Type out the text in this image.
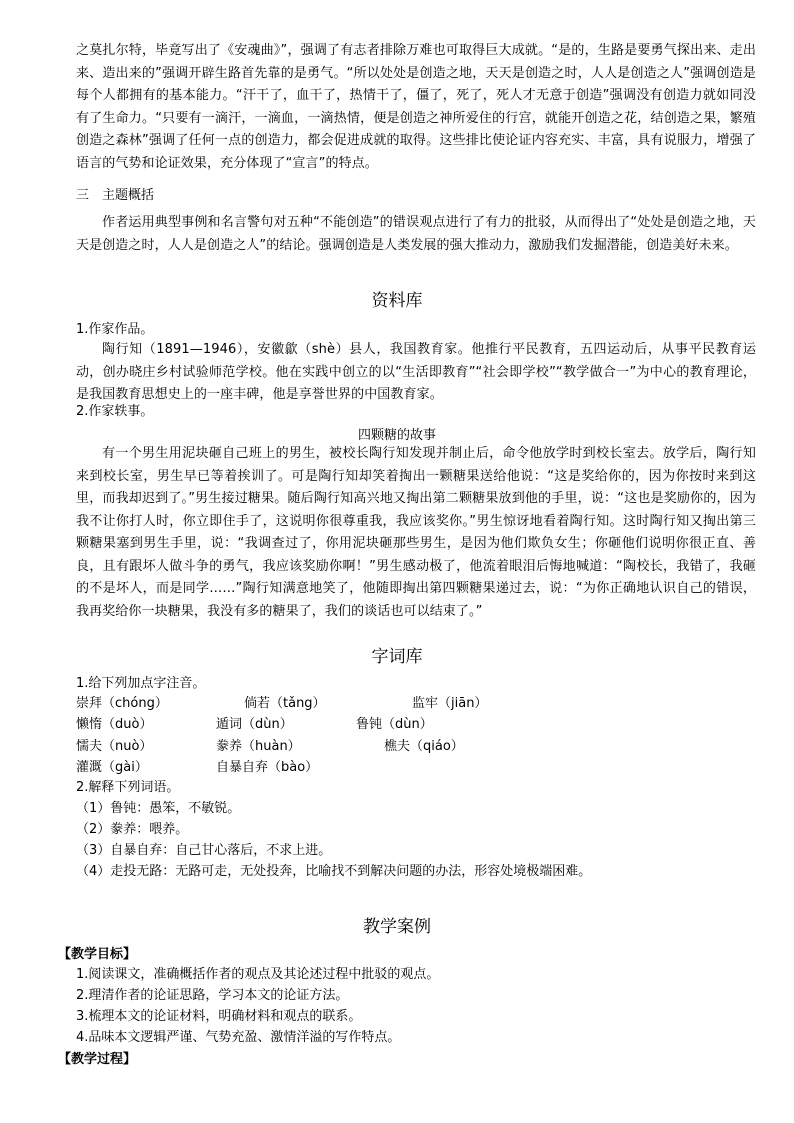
之莫扎尔特，毕竟写出了《安魂曲》”，强调了有志者排除万难也可取得巨大成就。“是的，生路是要勇气探出来、走出来、造出来的”强调开辟生路首先靠的是勇气。“所以处处是创造之地，天天是创造之时，人人是创造之人”强调创造是每个人都拥有的基本能力。“汗干了，血干了，热情干了，僵了，死了，死人才无意于创造”强调没有创造力就如同没有了生命力。“只要有一滴汗，一滴血，一滴热情，便是创造之神所爱住的行宫，就能开创造之花，结创造之果，繁殖创造之森林”强调了任何一点的创造力，都会促进成就的取得。这些排比使论证内容充实、丰富，具有说服力，增强了语言的气势和论证效果，充分体现了“宣言”的特点。
三　主题概括
作者运用典型事例和名言警句对五种“不能创造”的错误观点进行了有力的批驳，从而得出了“处处是创造之地，天天是创造之时，人人是创造之人”的结论。强调创造是人类发展的强大推动力，激励我们发掘潜能，创造美好未来。
资料库
1.作家作品。
陶行知（1891—1946），安徽歙（shè）县人，我国教育家。他推行平民教育，五四运动后，从事平民教育运动，创办晓庄乡村试验师范学校。他在实践中创立的以“生活即教育”“社会即学校”“教学做合一”为中心的教育理论，是我国教育思想史上的一座丰碑，他是享誉世界的中国教育家。
2.作家轶事。
四颗糖的故事
有一个男生用泥块砸自己班上的男生，被校长陶行知发现并制止后，命令他放学时到校长室去。放学后，陶行知来到校长室，男生早已等着挨训了。可是陶行知却笑着掏出一颗糖果送给他说：“这是奖给你的，因为你按时来到这里，而我却迟到了。”男生接过糖果。随后陶行知高兴地又掏出第二颗糖果放到他的手里，说：“这也是奖励你的，因为我不让你打人时，你立即住手了，这说明你很尊重我，我应该奖你。”男生惊讶地看着陶行知。这时陶行知又掏出第三颗糖果塞到男生手里，说：“我调查过了，你用泥块砸那些男生，是因为他们欺负女生；你砸他们说明你很正直、善良，且有跟坏人做斗争的勇气，我应该奖励你啊！”男生感动极了，他流着眼泪后悔地喊道：“陶校长，我错了，我砸的不是坏人，而是同学……”陶行知满意地笑了，他随即掏出第四颗糖果递过去，说：“为你正确地认识自己的错误，我再奖给你一块糖果，我没有多的糖果了，我们的谈话也可以结束了。”
字词库
1.给下列加点字注音。
崇拜（chóng）	倘若（tǎng）	监牢（jiān）
懒惰（duò）	遁词（dùn）	鲁钝（dùn）
懦夫（nuò）	豢养（huàn）	樵夫（qiáo）
灌溉（gài）	自暴自弃（bào）
2.解释下列词语。
（1）鲁钝：愚笨，不敏锐。
（2）豢养：喂养。
（3）自暴自弃：自己甘心落后，不求上进。
（4）走投无路：无路可走，无处投奔，比喻找不到解决问题的办法，形容处境极端困难。
教学案例
【教学目标】
1.阅读课文，准确概括作者的观点及其论述过程中批驳的观点。
2.理清作者的论证思路，学习本文的论证方法。
3.梳理本文的论证材料，明确材料和观点的联系。
4.品味本文逻辑严谨、气势充盈、激情洋溢的写作特点。
【教学过程】
